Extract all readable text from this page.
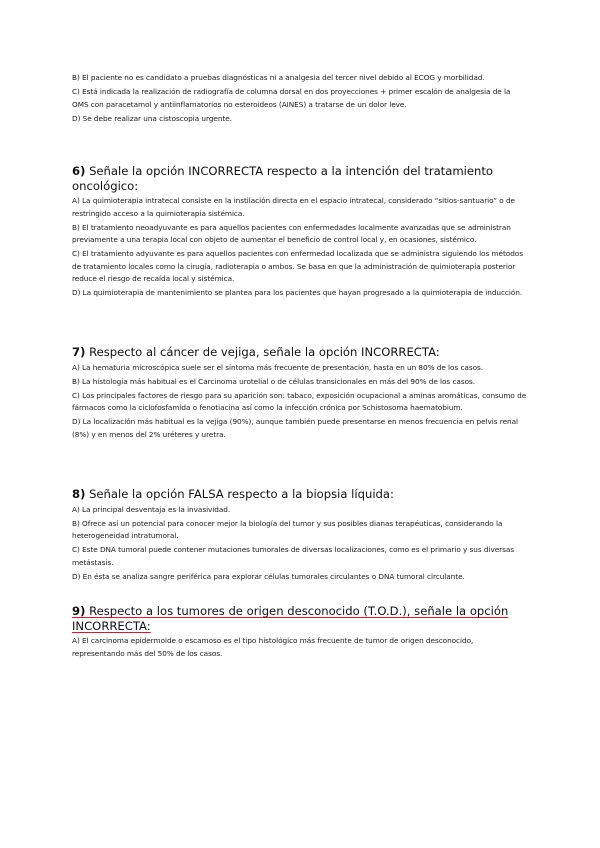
B) El paciente no es candidato a pruebas diagnósticas ni a analgesia del tercer nivel debido al ECOG y morbilidad.

C) Está indicada la realización de radiografía de columna dorsal en dos proyecciones + primer escalón de analgesia de la OMS con paracetamol y antiinflamatorios no esteroideos (AINES) a tratarse de un dolor leve.

D) Se debe realizar una cistoscopia urgente.

6) Señale la opción INCORRECTA respecto a la intención del tratamiento oncológico:

A) La quimioterapia intratecal consiste en la instilación directa en el espacio intratecal, considerado “sitios-santuario” o de restringido acceso a la quimioterapia sistémica.

B) El tratamiento neoadyuvante es para aquellos pacientes con enfermedades localmente avanzadas que se administran previamente a una terapia local con objeto de aumentar el beneficio de control local y, en ocasiones, sistémico.

C) El tratamiento adyuvante es para aquellos pacientes con enfermedad localizada que se administra siguiendo los métodos de tratamiento locales como la cirugía, radioterapia o ambos. Se basa en que la administración de quimioterapia posterior reduce el riesgo de recaída local y sistémica.

D) La quimioterapia de mantenimiento se plantea para los pacientes que hayan progresado a la quimioterapia de inducción.

7) Respecto al cáncer de vejiga, señale la opción INCORRECTA:

A) La hematuria microscópica suele ser el síntoma más frecuente de presentación, hasta en un 80% de los casos.

B) La histología más habitual es el Carcinoma urotelial o de células transicionales en más del 90% de los casos.

C) Los principales factores de riesgo para su aparición son: tabaco, exposición ocupacional a aminas aromáticas, consumo de fármacos como la ciclofosfamida o fenotiacina así como la infección crónica por Schistosoma haematobium.

D) La localización más habitual es la vejiga (90%), aunque también puede presentarse en menos frecuencia en pelvis renal (8%) y en menos del 2% uréteres y uretra.

8) Señale la opción FALSA respecto a la biopsia líquida:

A) La principal desventaja es la invasividad.

B) Ofrece así un potencial para conocer mejor la biología del tumor y sus posibles dianas terapéuticas, considerando la heterogeneidad intratumoral.

C) Este DNA tumoral puede contener mutaciones tumorales de diversas localizaciones, como es el primario y sus diversas metástasis.

D) En ésta se analiza sangre periférica para explorar células tumorales circulantes o DNA tumoral circulante.

9) Respecto a los tumores de origen desconocido (T.O.D.), señale la opción INCORRECTA:

A) El carcinoma epidermoide o escamoso es el tipo histológico más frecuente de tumor de origen desconocido, representando más del 50% de los casos.
